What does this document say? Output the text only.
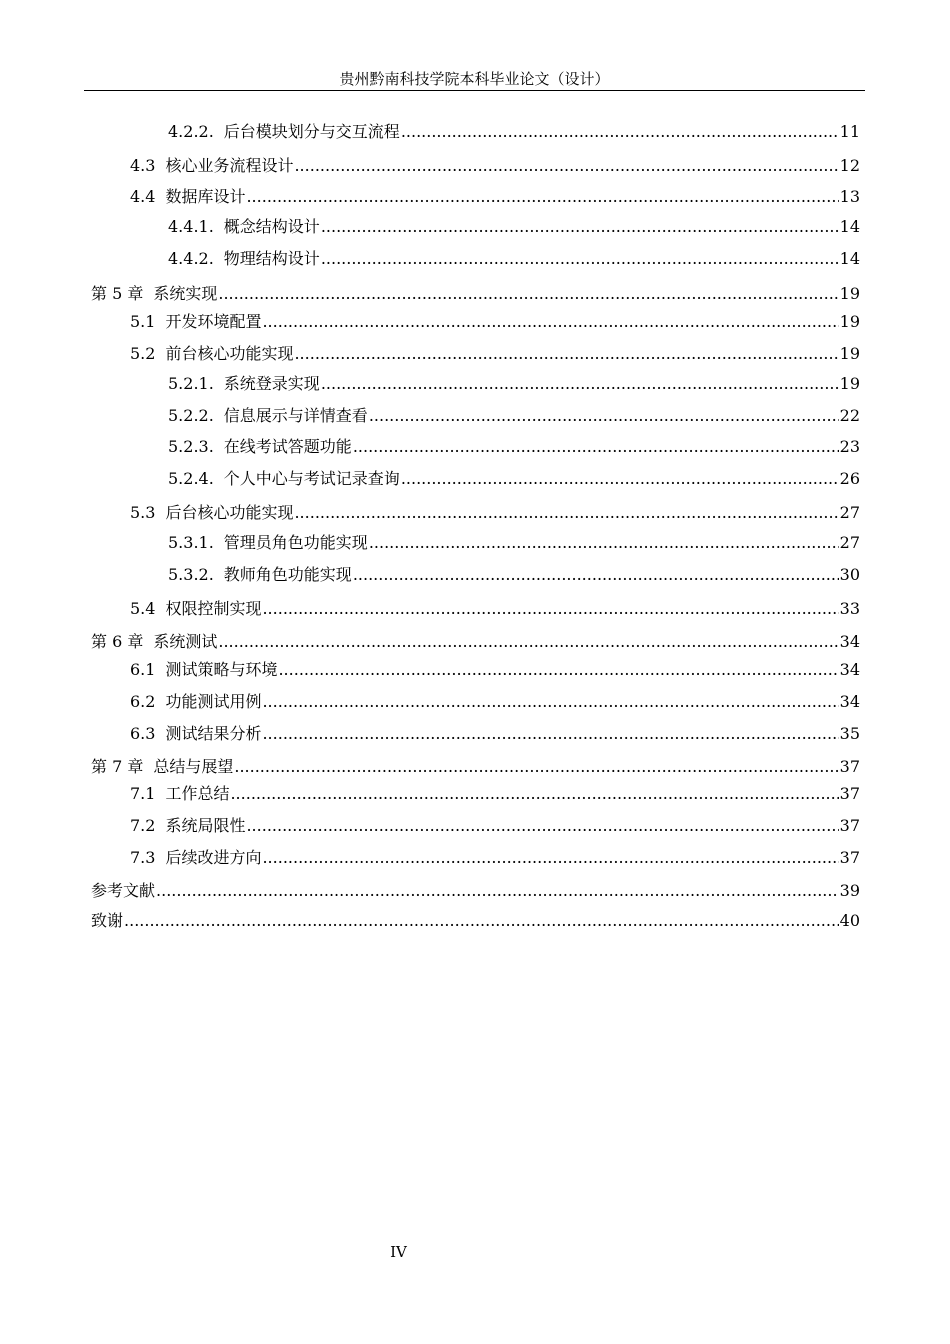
贵州黔南科技学院本科毕业论文（设计）
4.2.2. 后台模块划分与交互流程 .....	11
4.3 核心业务流程设计 .....	12
4.4 数据库设计 .....	13
4.4.1. 概念结构设计 .....	14
4.4.2. 物理结构设计 .....	14
第 5 章 系统实现 .....	19
5.1 开发环境配置 .....	19
5.2 前台核心功能实现 .....	19
5.2.1. 系统登录实现 .....	19
5.2.2. 信息展示与详情查看 .....	22
5.2.3. 在线考试答题功能 .....	23
5.2.4. 个人中心与考试记录查询 .....	26
5.3 后台核心功能实现 .....	27
5.3.1. 管理员角色功能实现 .....	27
5.3.2. 教师角色功能实现 .....	30
5.4 权限控制实现 .....	33
第 6 章 系统测试 .....	34
6.1 测试策略与环境 .....	34
6.2 功能测试用例 .....	34
6.3 测试结果分析 .....	35
第 7 章 总结与展望 .....	37
7.1 工作总结 .....	37
7.2 系统局限性 .....	37
7.3 后续改进方向 .....	37
参考文献 .....	39
致谢 .....	40
IV
